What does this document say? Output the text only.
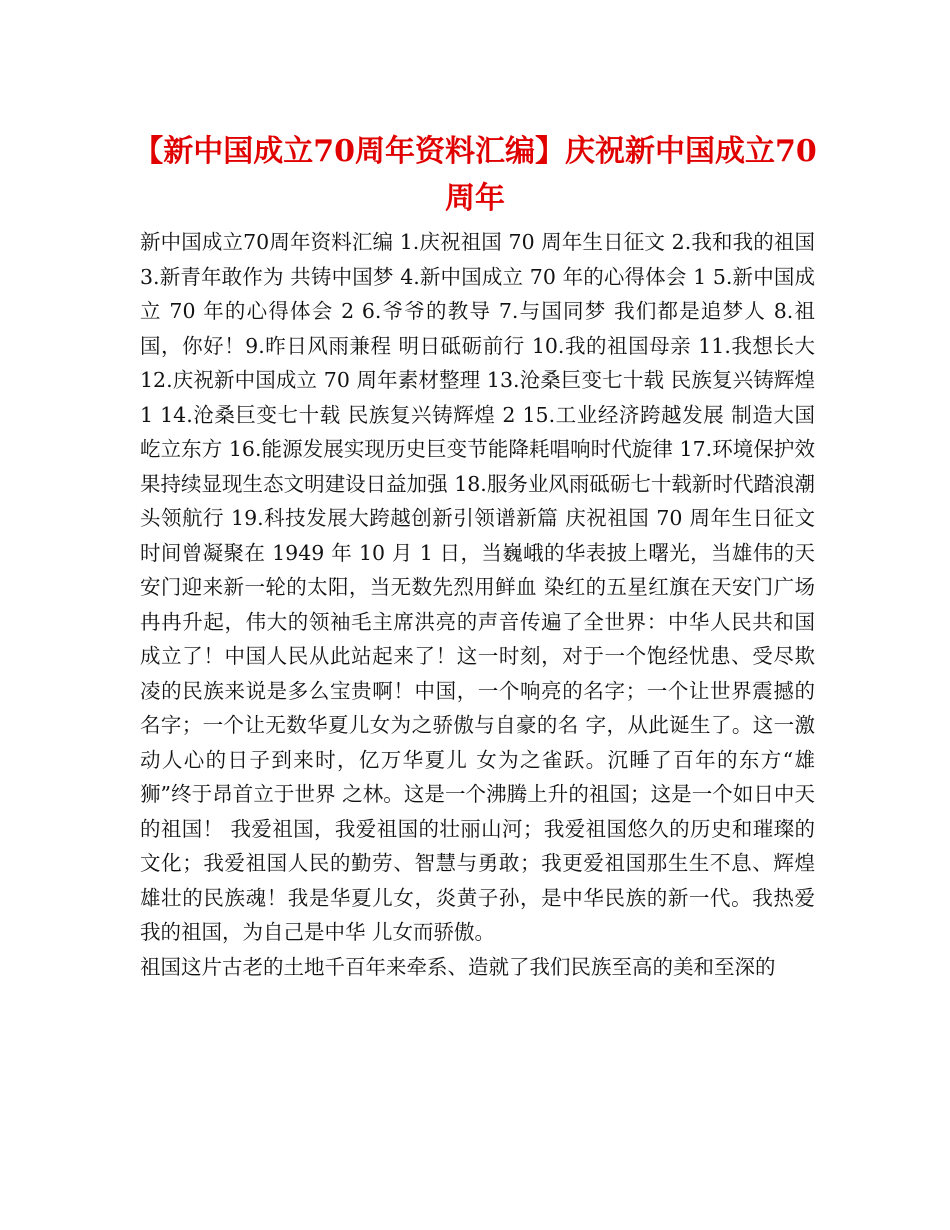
【新中国成立70周年资料汇编】庆祝新中国成立70周年

新中国成立70周年资料汇编 1.庆祝祖国 70 周年生日征文 2.我和我的祖国 3.新青年敢作为 共铸中国梦 4.新中国成立 70 年的心得体会 1 5.新中国成立 70 年的心得体会 2 6.爷爷的教导 7.与国同梦 我们都是追梦人 8.祖国，你好！9.昨日风雨兼程 明日砥砺前行 10.我的祖国母亲 11.我想长大 12.庆祝新中国成立 70 周年素材整理 13.沧桑巨变七十载 民族复兴铸辉煌 1 14.沧桑巨变七十载 民族复兴铸辉煌 2 15.工业经济跨越发展 制造大国屹立东方 16.能源发展实现历史巨变节能降耗唱响时代旋律 17.环境保护效果持续显现生态文明建设日益加强 18.服务业风雨砥砺七十载新时代踏浪潮头领航行 19.科技发展大跨越创新引领谱新篇 庆祝祖国 70 周年生日征文 时间曾凝聚在 1949 年 10 月 1 日，当巍峨的华表披上曙光，当雄伟的天安门迎来新一轮的太阳，当无数先烈用鲜血 染红的五星红旗在天安门广场冉冉升起，伟大的领袖毛主席洪亮的声音传遍了全世界：中华人民共和国成立了！中国人民从此站起来了！这一时刻，对于一个饱经忧患、受尽欺凌的民族来说是多么宝贵啊！中国，一个响亮的名字；一个让世界震撼的名字；一个让无数华夏儿女为之骄傲与自豪的名 字，从此诞生了。这一激动人心的日子到来时，亿万华夏儿 女为之雀跃。沉睡了百年的东方“雄狮”终于昂首立于世界 之林。这是一个沸腾上升的祖国；这是一个如日中天的祖国！ 我爱祖国，我爱祖国的壮丽山河；我爱祖国悠久的历史和璀璨的文化；我爱祖国人民的勤劳、智慧与勇敢；我更爱祖国那生生不息、辉煌雄壮的民族魂！我是华夏儿女，炎黄子孙，是中华民族的新一代。我热爱我的祖国，为自己是中华 儿女而骄傲。

祖国这片古老的土地千百年来牵系、造就了我们民族至高的美和至深的
